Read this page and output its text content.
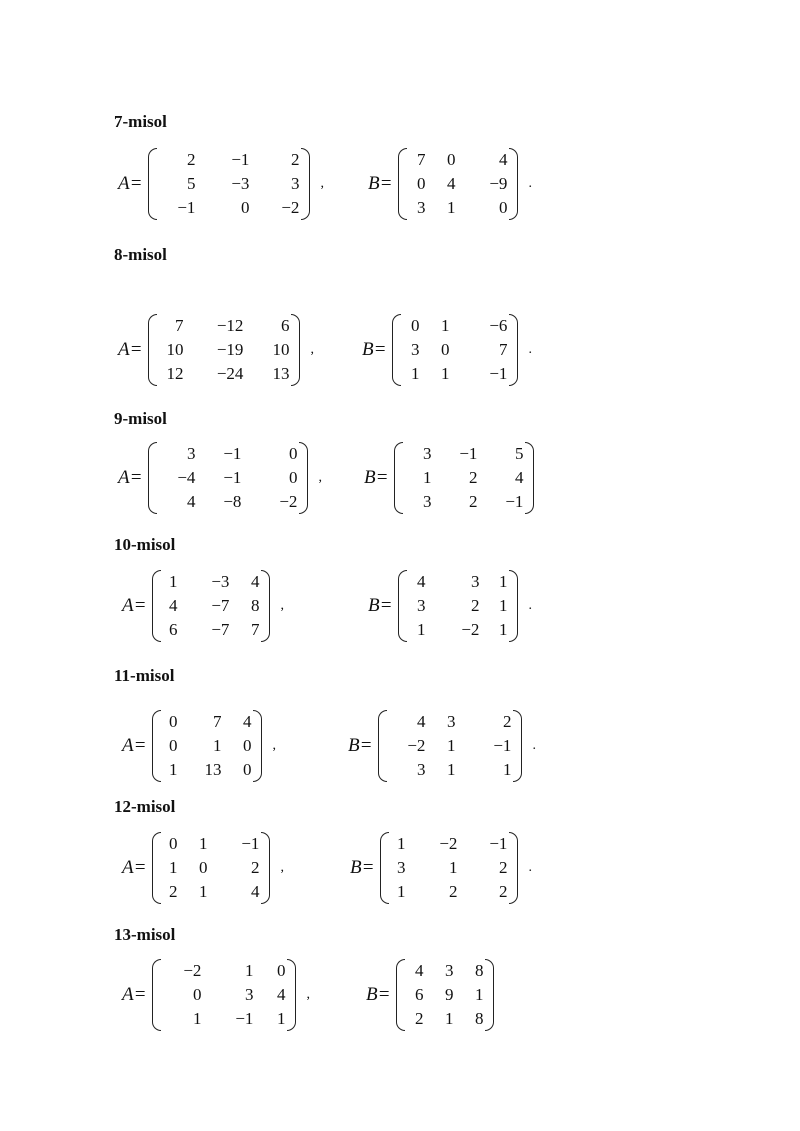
7-misol
A=
2	−1	2
5	−3	3
−1	0	−2
, B=
7	0	4
0	4	−9
3	1	0
.
8-misol
A=
7	−12	6
10	−19	10
12	−24	13
,	B=
0	1	−6
3	0	7
1	1	−1
.
9-misol
A=
3	−1	0
−4	−1	0
4	−8	−2
, B=
3	−1	5
1	2	4
3	2	−1
10-misol
A=
1	−3	4
4	−7	8
6	−7	7
,	B=
4	3	1
3	2	1
1	−2	1
.
11-misol
A=
0	7	4
0	1	0
1	13	0
,	B=
4	3	2
−2	1	−1
3	1	1
.
12-misol
A=
0	1	−1
1	0	2
2	1	4
,	B=
1	−2	−1
3	1	2
1	2	2
.
13-misol
A=
−2	1	0
0	3	4
1	−1	1
,	B=
4	3	8
6	9	1
2	1	8
